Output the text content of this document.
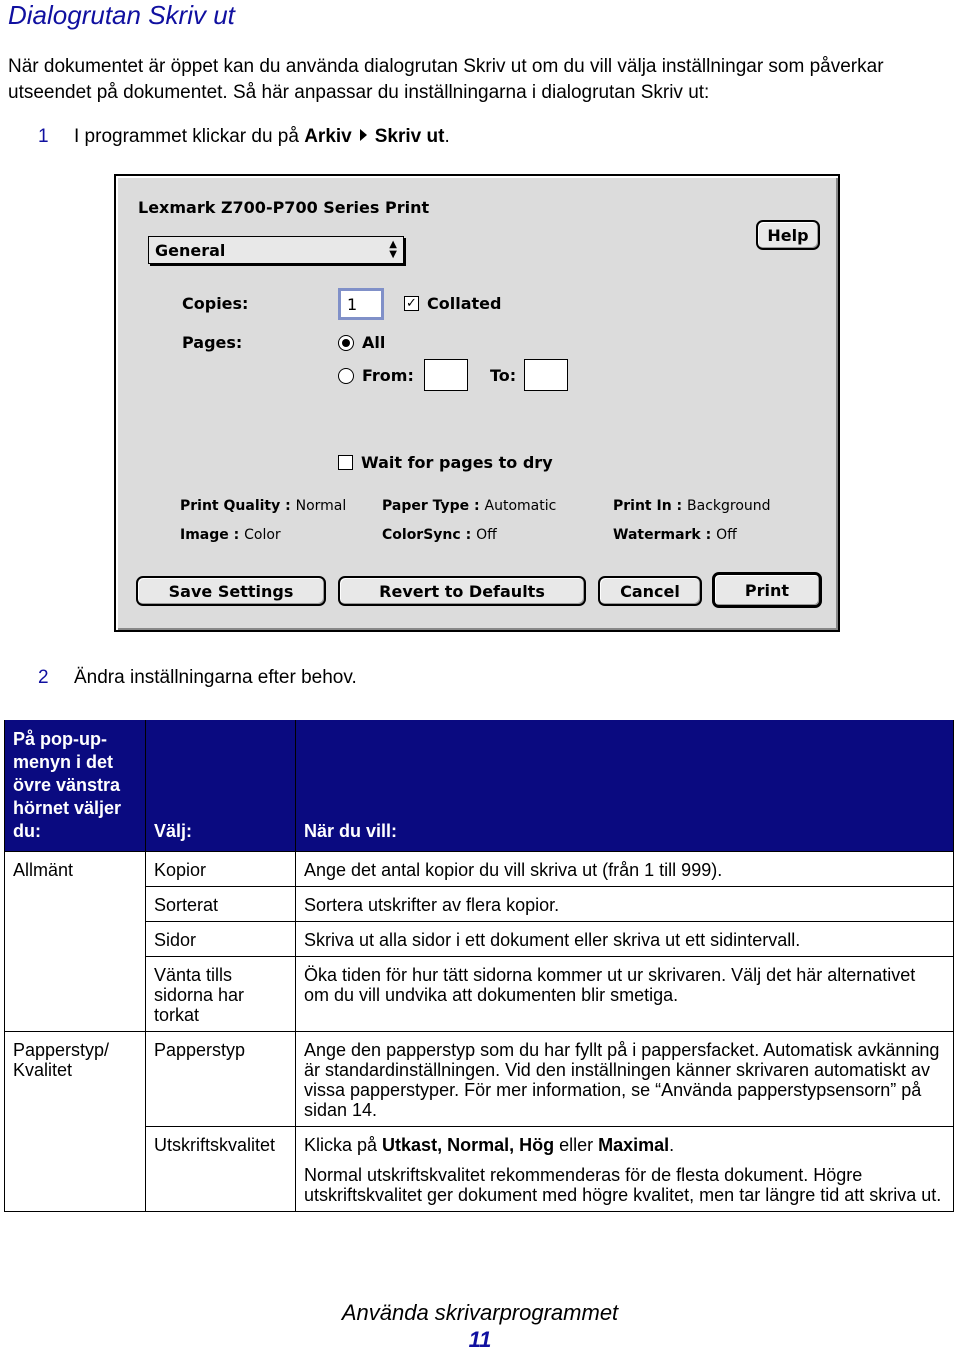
Dialogrutan Skriv ut
När dokumentet är öppet kan du använda dialogrutan Skriv ut om du vill välja inställningar som påverkar utseendet på dokumentet. Så här anpassar du inställningarna i dialogrutan Skriv ut:
1 I programmet klickar du på Arkiv Skriv ut.
Lexmark Z700-P700 Series Print
General	▲
▼
Help
Copies:	1	✓ Collated
Pages:	All
From:	To:
Wait for pages to dry
Print Quality : Normal
Image : Color
Paper Type : Automatic
ColorSync : Off
Print In : Background
Watermark : Off
Save Settings	Revert to Defaults	Cancel	Print
2 Ändra inställningarna efter behov.
På pop-up-menyn i det övre vänstra hörnet väljer du:	Välj:	När du vill:
Allmänt	Kopior	Ange det antal kopior du vill skriva ut (från 1 till 999).
	Sorterat	Sortera utskrifter av flera kopior.
	Sidor	Skriva ut alla sidor i ett dokument eller skriva ut ett sidintervall.
	Vänta tills sidorna har torkat	Öka tiden för hur tätt sidorna kommer ut ur skrivaren. Välj det här alternativet om du vill undvika att dokumenten blir smetiga.
Papperstyp/ Kvalitet	Papperstyp	Ange den papperstyp som du har fyllt på i pappersfacket. Automatisk avkänning är standardinställningen. Vid den inställningen känner skrivaren automatiskt av vissa papperstyper. För mer information, se “Använda papperstypsensorn” på sidan 14.
	Utskriftskvalitet	Klicka på Utkast, Normal, Hög eller Maximal.
Normal utskriftskvalitet rekommenderas för de flesta dokument. Högre utskriftskvalitet ger dokument med högre kvalitet, men tar längre tid att skriva ut.
Använda skrivarprogrammet
11
